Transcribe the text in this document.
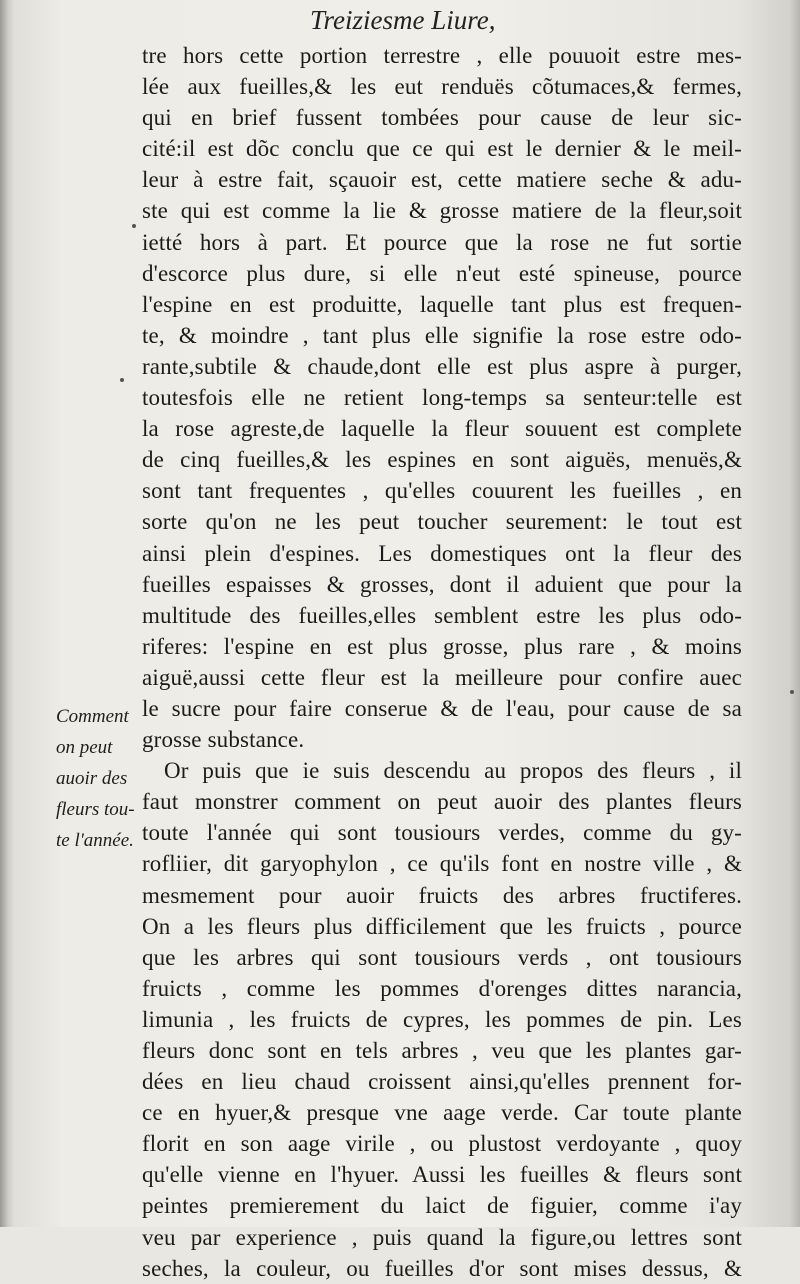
Treiziesme Liure,
tre hors cette portion terrestre , elle pouuoit estre mes-
lée aux fueilles,& les eut renduës cõtumaces,& fermes,
qui en brief fussent tombées pour cause de leur sic-
cité:il est dõc conclu que ce qui est le dernier & le meil-
leur à estre fait, sçauoir est, cette matiere seche & adu-
ste qui est comme la lie & grosse matiere de la fleur,soit
ietté hors à part. Et pource que la rose ne fut sortie
d'escorce plus dure, si elle n'eut esté spineuse, pource
l'espine en est produitte, laquelle tant plus est frequen-
te, & moindre , tant plus elle signifie la rose estre odo-
rante,subtile & chaude,dont elle est plus aspre à purger,
toutesfois elle ne retient long-temps sa senteur:telle est
la rose agreste,de laquelle la fleur souuent est complete
de cinq fueilles,& les espines en sont aiguës, menuës,&
sont tant frequentes , qu'elles couurent les fueilles , en
sorte qu'on ne les peut toucher seurement: le tout est
ainsi plein d'espines. Les domestiques ont la fleur des
fueilles espaisses & grosses, dont il aduient que pour la
multitude des fueilles,elles semblent estre les plus odo-
riferes: l'espine en est plus grosse, plus rare , & moins
aiguë,aussi cette fleur est la meilleure pour confire auec
le sucre pour faire conserue & de l'eau, pour cause de sa
grosse substance.
Or puis que ie suis descendu au propos des fleurs , il
faut monstrer comment on peut auoir des plantes fleurs
toute l'année qui sont tousiours verdes, comme du gy-
rofliier, dit garyophylon , ce qu'ils font en nostre ville , &
mesmement pour auoir fruicts des arbres fructiferes.
On a les fleurs plus difficilement que les fruicts , pource
que les arbres qui sont tousiours verds , ont tousiours
fruicts , comme les pommes d'orenges dittes narancia,
limunia , les fruicts de cypres, les pommes de pin. Les
fleurs donc sont en tels arbres , veu que les plantes gar-
dées en lieu chaud croissent ainsi,qu'elles prennent for-
ce en hyuer,& presque vne aage verde. Car toute plante
florit en son aage virile , ou plustost verdoyante , quoy
qu'elle vienne en l'hyuer. Aussi les fueilles & fleurs sont
peintes premierement du laict de figuier, comme i'ay
veu par experience , puis quand la figure,ou lettres sont
seches, la couleur, ou fueilles d'or sont mises dessus, &
Comment
on peut
auoir des
fleurs tou-
te l'année.
